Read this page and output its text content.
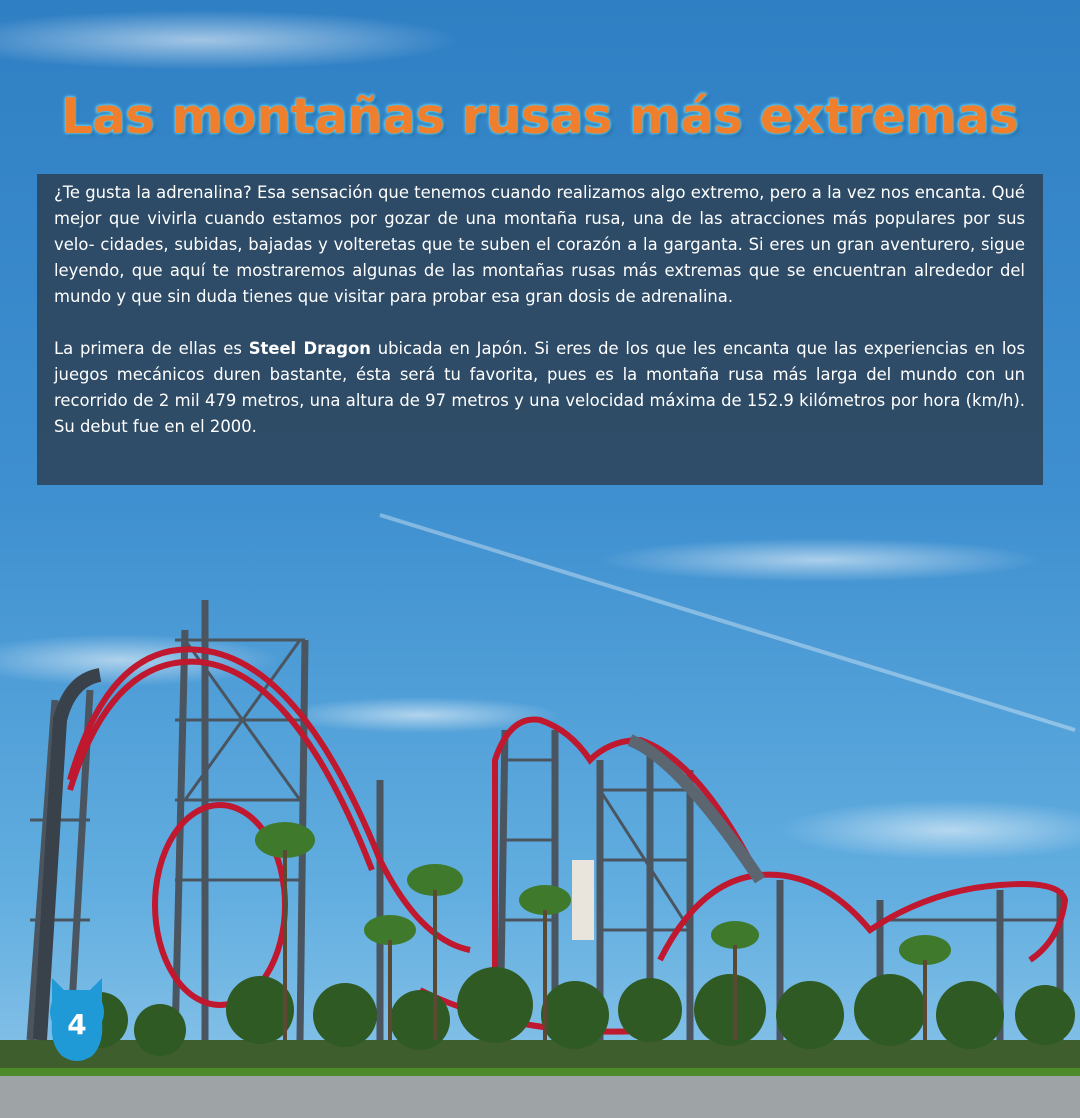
Las montañas rusas más extremas

¿Te gusta la adrenalina? Esa sensación que tenemos cuando realizamos algo extremo, pero a la vez nos encanta. Qué mejor que vivirla cuando estamos por gozar de una montaña rusa, una de las atracciones más populares por sus velo- cidades, subidas, bajadas y volteretas que te suben el corazón a la garganta. Si eres un gran aventurero, sigue leyendo, que aquí te mostraremos algunas de las montañas rusas más extremas que se encuentran alrededor del mundo y que sin duda tienes que visitar para probar esa gran dosis de adrenalina.

La primera de ellas es Steel Dragon ubicada en Japón. Si eres de los que les encanta que las experiencias en los juegos mecánicos duren bastante, ésta será tu favorita, pues es la montaña rusa más larga del mundo con un recorrido de 2 mil 479 metros, una altura de 97 metros y una velocidad máxima de 152.9 kilómetros por hora (km/h). Su debut fue en el 2000.

4
